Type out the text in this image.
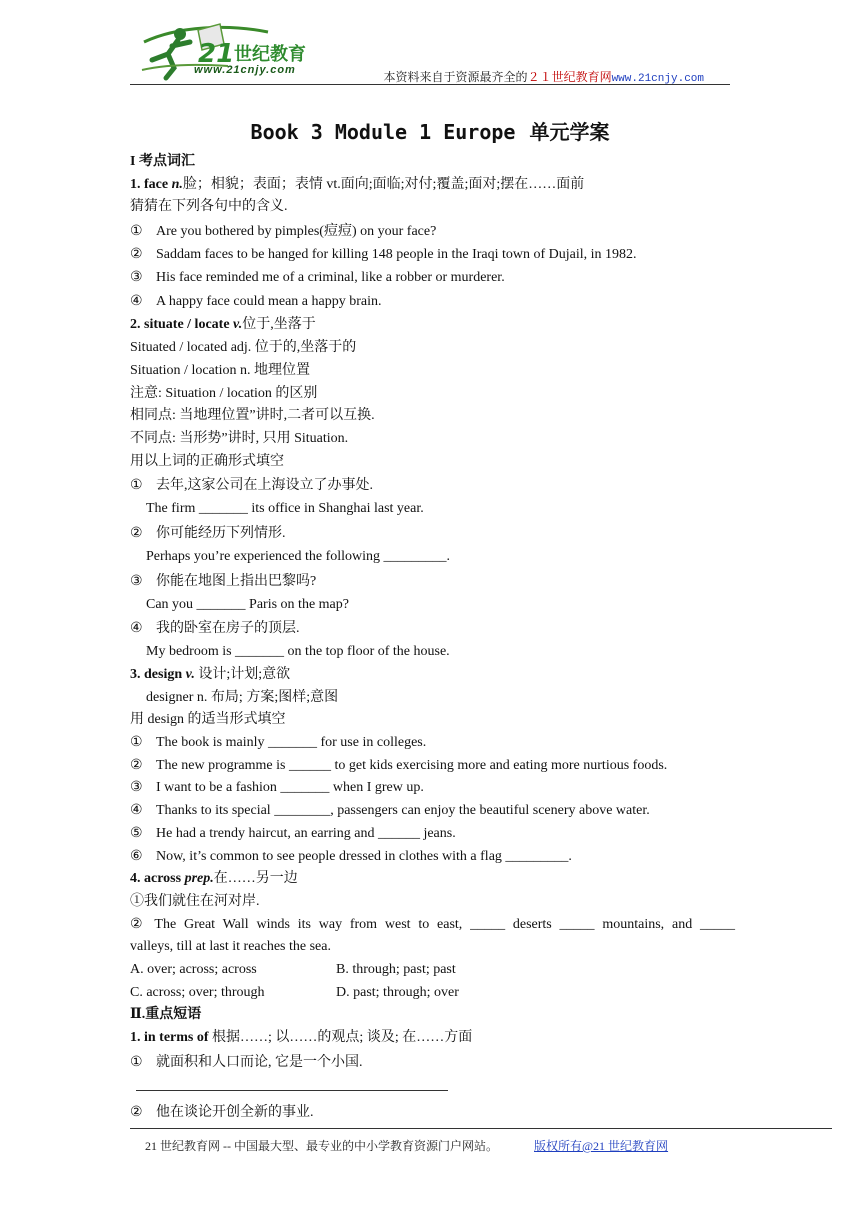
21 世纪教育
www.21cnjy.com	本资料来自于资源最齐全的２１世纪教育网www.21cnjy.com
Book 3 Module 1 Europe 单元学案
I 考点词汇
1. face n.脸；相貌；表面；表情 vt.面向;面临;对付;覆盖;面对;摆在……面前
猜猜在下列各句中的含义.
① Are you bothered by pimples(痘痘) on your face?
② Saddam faces to be hanged for killing 148 people in the Iraqi town of Dujail, in 1982.
③ His face reminded me of a criminal, like a robber or murderer.
④ A happy face could mean a happy brain.
2. situate / locate v.位于,坐落于
Situated / located adj. 位于的,坐落于的
Situation / location n. 地理位置
注意: Situation / location 的区别
相同点: 当地理位置”讲时,二者可以互换.
不同点: 当形势”讲时, 只用 Situation.
用以上词的正确形式填空
① 去年,这家公司在上海设立了办事处.
The firm _______ its office in Shanghai last year.
② 你可能经历下列情形.
Perhaps you’re experienced the following _________.
③ 你能在地图上指出巴黎吗?
Can you _______ Paris on the map?
④ 我的卧室在房子的顶层.
My bedroom is _______ on the top floor of the house.
3. design v. 设计;计划;意欲
designer n. 布局; 方案;图样;意图
用 design 的适当形式填空
① The book is mainly _______ for use in colleges.
② The new programme is ______ to get kids exercising more and eating more nurtious foods.
③ I want to be a fashion _______ when I grew up.
④ Thanks to its special ________, passengers can enjoy the beautiful scenery above water.
⑤ He had a trendy haircut, an earring and ______ jeans.
⑥ Now, it’s common to see people dressed in clothes with a flag _________.
4. across prep.在……另一边
①我们就住在河对岸.
② The Great Wall winds its way from west to east, _____ deserts _____ mountains, and _____
valleys, till at last it reaches the sea.
A. over; across; across	B. through; past; past
C. across; over; through	D. past; through; over
Ⅱ.重点短语
1. in terms of 根据……; 以……的观点; 谈及; 在……方面
① 就面积和人口而论, 它是一个小国.
② 他在谈论开创全新的事业.
21 世纪教育网 -- 中国最大型、最专业的中小学教育资源门户网站。	版权所有@21 世纪教育网
